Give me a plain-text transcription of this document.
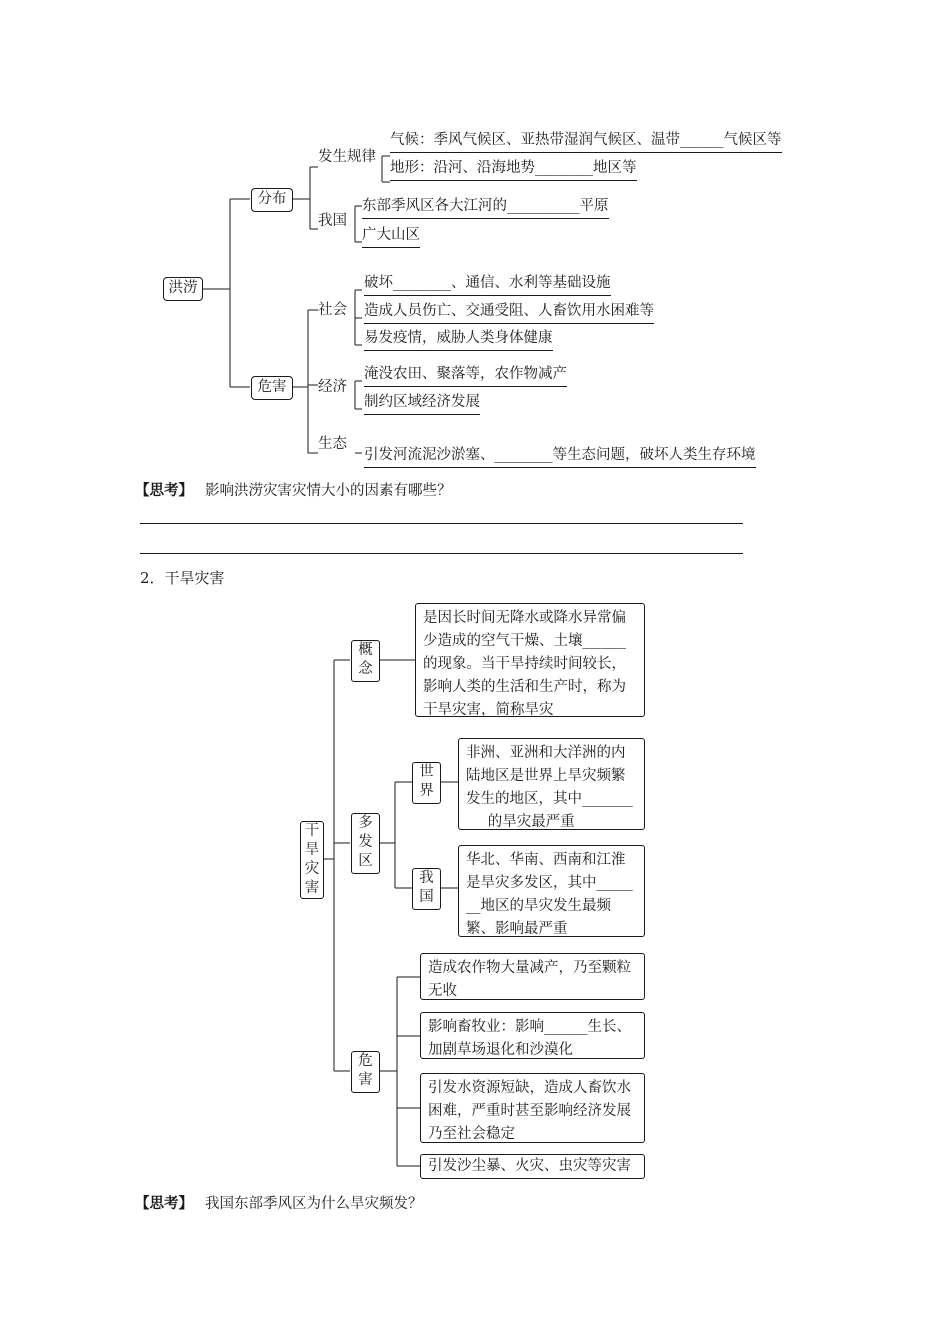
洪涝
分布
危害
发生规律
气候：季风气候区、亚热带湿润气候区、温带______气候区等
地形：沿河、沿海地势________地区等
我国
东部季风区各大江河的__________平原
广大山区
社会
破坏________、通信、水利等基础设施
造成人员伤亡、交通受阻、人畜饮用水困难等
易发疫情，威胁人类身体健康
经济
淹没农田、聚落等，农作物减产
制约区域经济发展
生态
引发河流泥沙淤塞、________等生态问题，破坏人类生存环境
【思考】 影响洪涝灾害灾情大小的因素有哪些？
2．干旱灾害
干
旱
灾
害
概
念
是因长时间无降水或降水异常偏少造成的空气干燥、土壤______的现象。当干旱持续时间较长，影响人类的生活和生产时，称为干旱灾害，简称旱灾
多
发
区
世
界
非洲、亚洲和大洋洲的内陆地区是世界上旱灾频繁发生的地区，其中__________的旱灾最严重
我
国
华北、华南、西南和江淮是旱灾多发区，其中_______地区的旱灾发生最频繁、影响最严重
危
害
造成农作物大量减产，乃至颗粒无收
影响畜牧业：影响______生长、加剧草场退化和沙漠化
引发水资源短缺，造成人畜饮水困难，严重时甚至影响经济发展乃至社会稳定
引发沙尘暴、火灾、虫灾等灾害
【思考】 我国东部季风区为什么旱灾频发？
